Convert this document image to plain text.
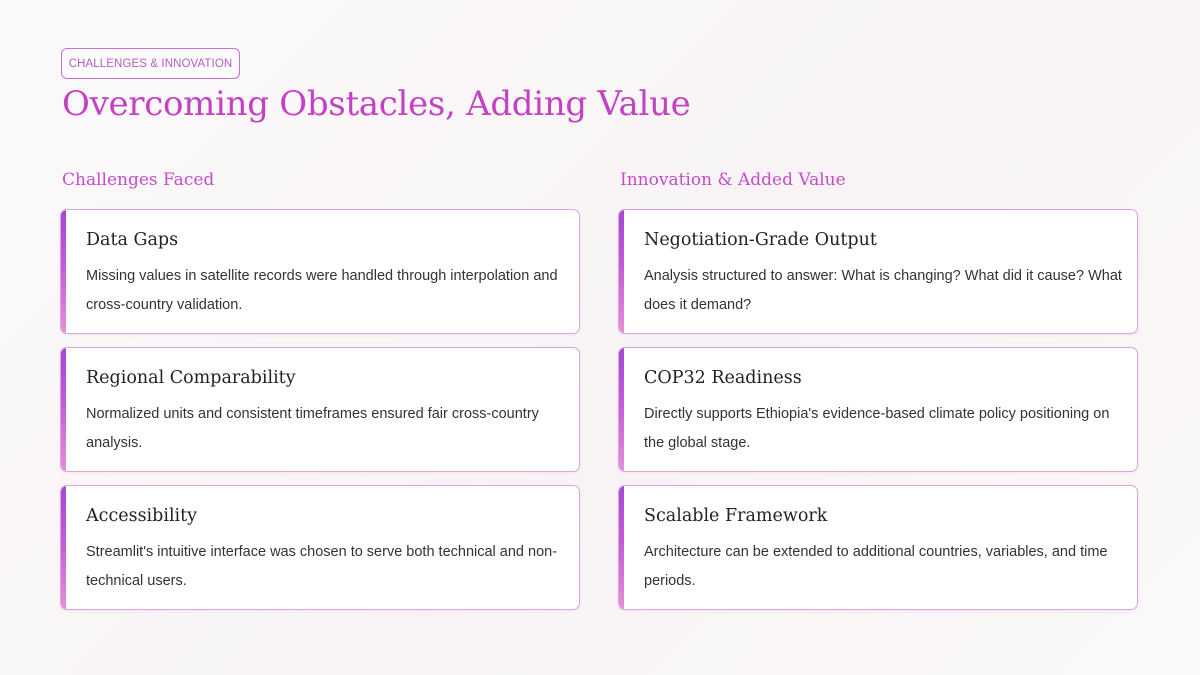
CHALLENGES & INNOVATION
Overcoming Obstacles, Adding Value
Challenges Faced	Innovation & Added Value
Data Gaps

Missing values in satellite records were handled through interpolation and cross-country validation.

Regional Comparability

Normalized units and consistent timeframes ensured fair cross-country analysis.

Accessibility

Streamlit's intuitive interface was chosen to serve both technical and non-technical users.

Negotiation-Grade Output

Analysis structured to answer: What is changing? What did it cause? What does it demand?

COP32 Readiness

Directly supports Ethiopia's evidence-based climate policy positioning on the global stage.

Scalable Framework

Architecture can be extended to additional countries, variables, and time periods.
